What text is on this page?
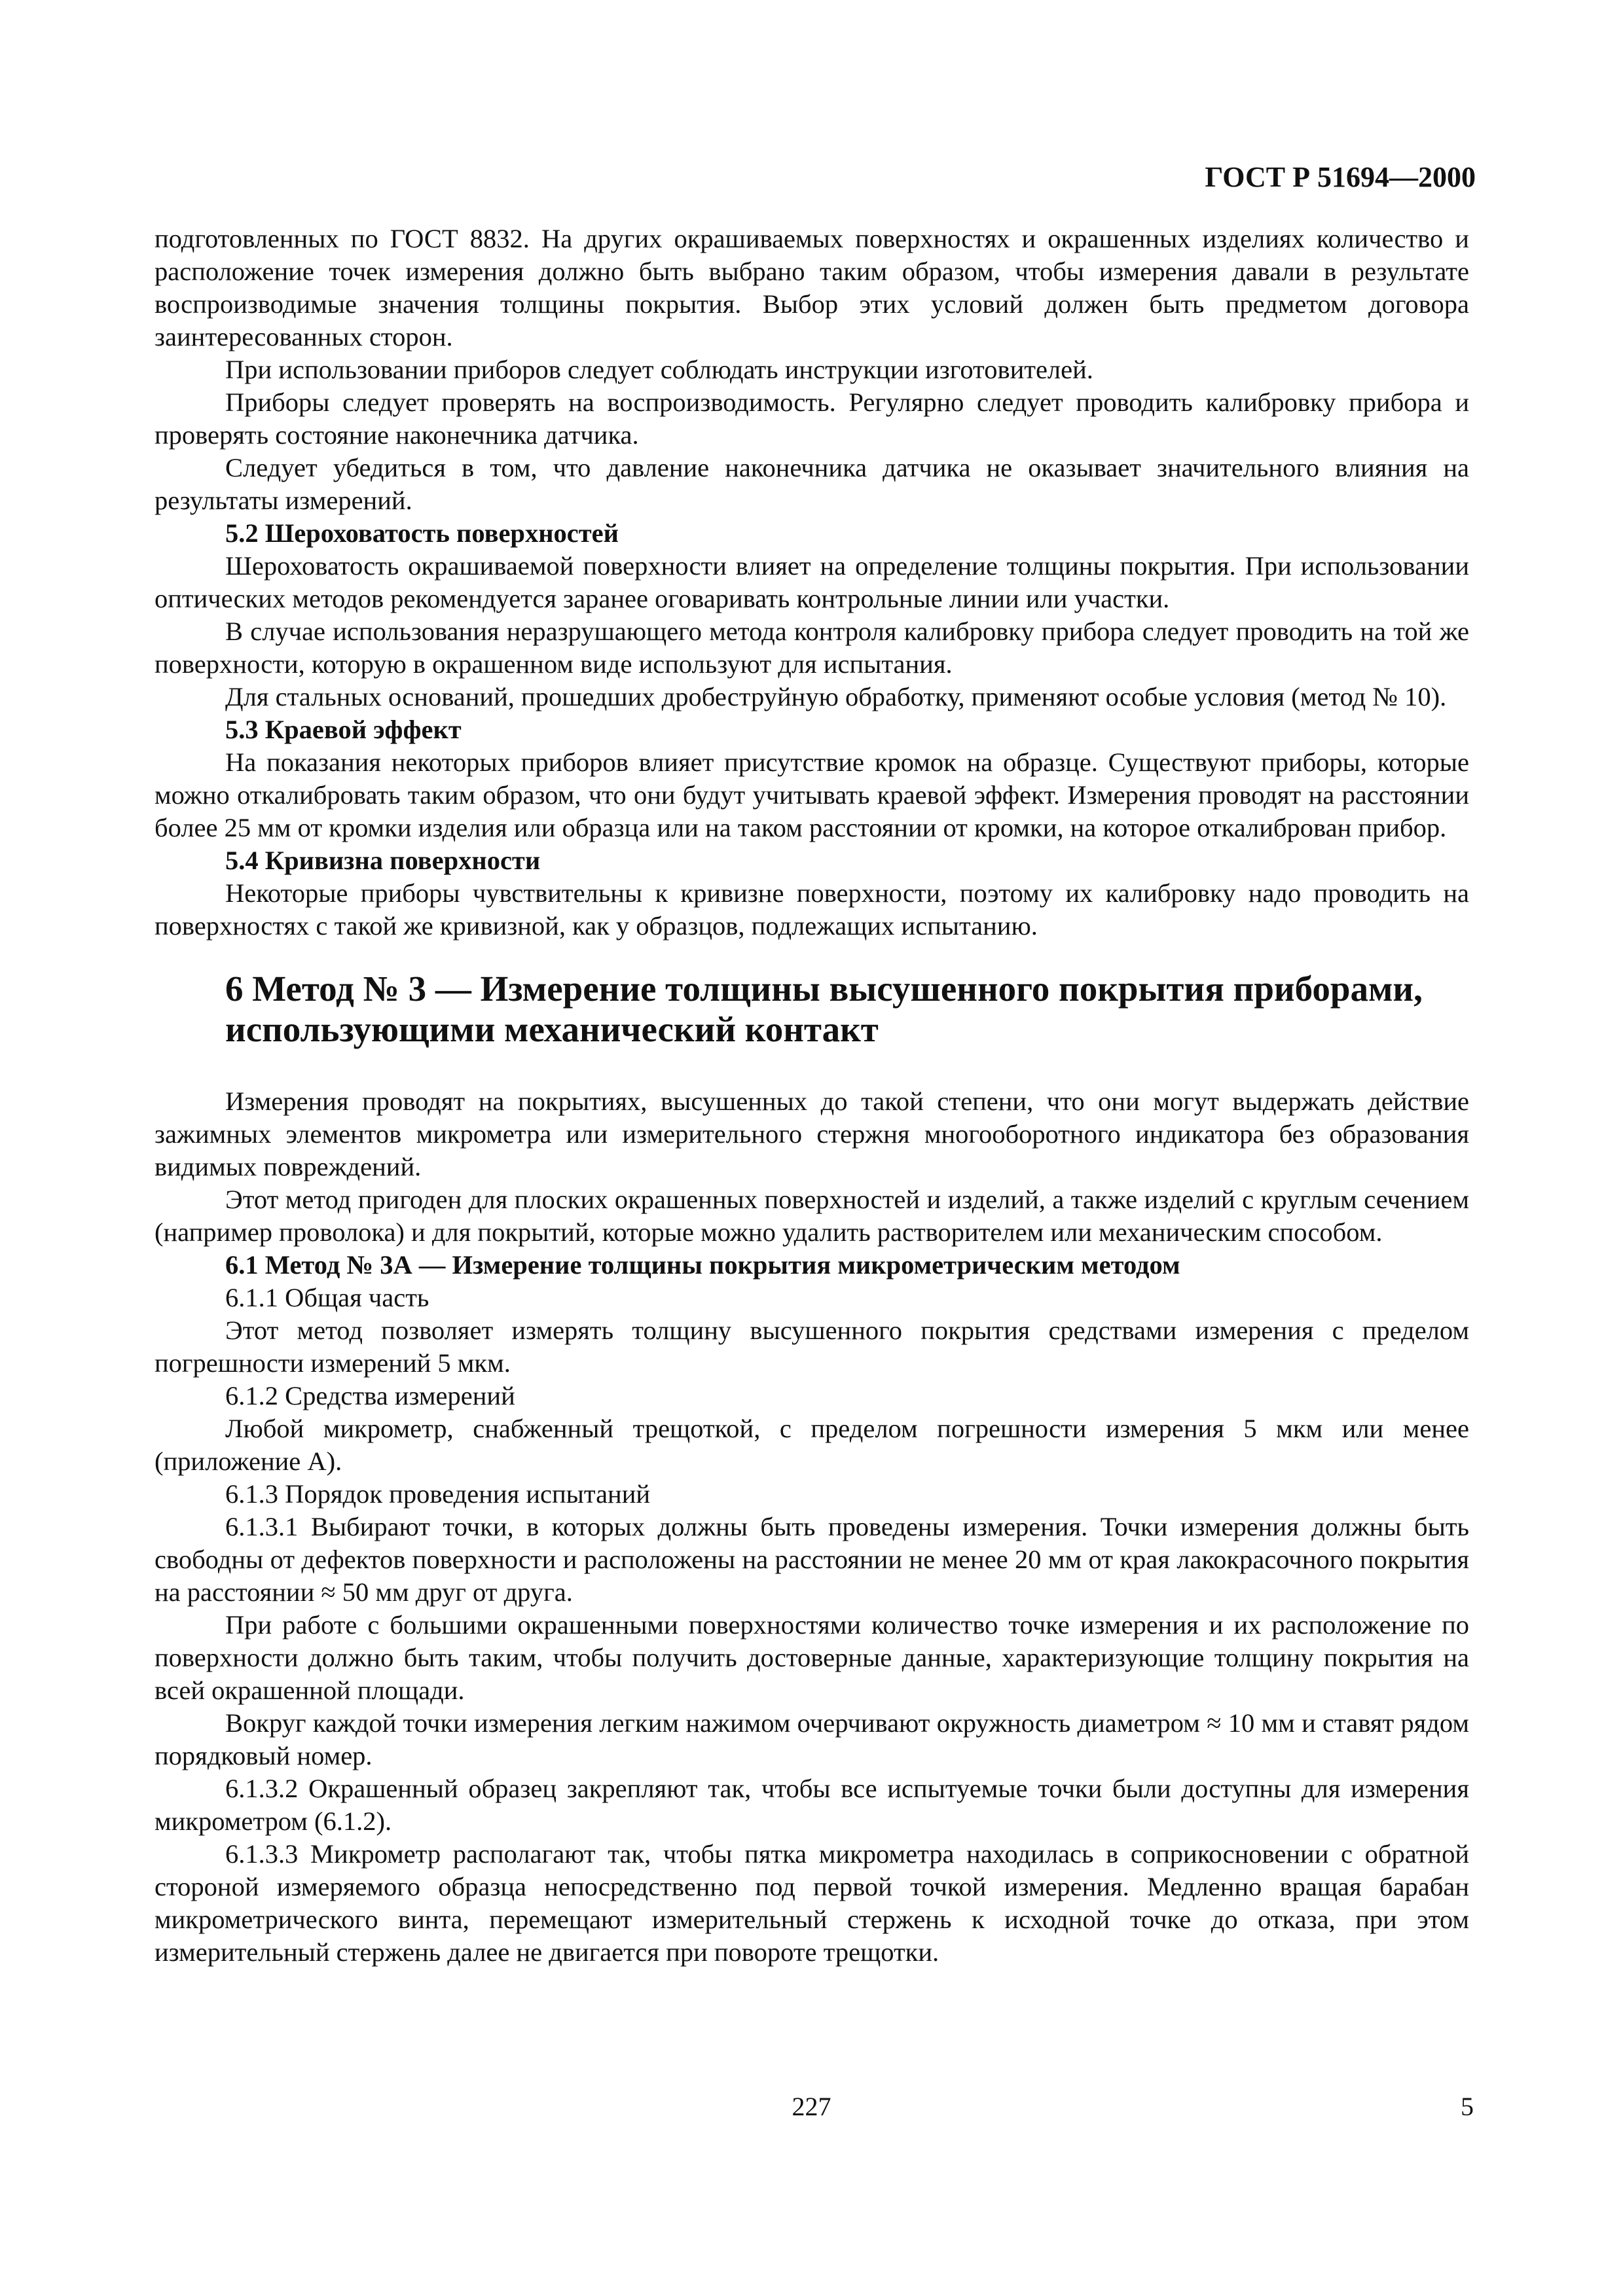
ГОСТ Р 51694—2000

подготовленных по ГОСТ 8832. На других окрашиваемых поверхностях и окрашенных изделиях количество и расположение точек измерения должно быть выбрано таким образом, чтобы измерения давали в результате воспроизводимые значения толщины покрытия. Выбор этих условий должен быть предметом договора заинтересованных сторон.

При использовании приборов следует соблюдать инструкции изготовителей.

Приборы следует проверять на воспроизводимость. Регулярно следует проводить калибровку прибора и проверять состояние наконечника датчика.

Следует убедиться в том, что давление наконечника датчика не оказывает значительного влияния на результаты измерений.

5.2 Шероховатость поверхностей

Шероховатость окрашиваемой поверхности влияет на определение толщины покрытия. При использовании оптических методов рекомендуется заранее оговаривать контрольные линии или участки.

В случае использования неразрушающего метода контроля калибровку прибора следует проводить на той же поверхности, которую в окрашенном виде используют для испытания.

Для стальных оснований, прошедших дробеструйную обработку, применяют особые условия (метод № 10).

5.3 Краевой эффект

На показания некоторых приборов влияет присутствие кромок на образце. Существуют приборы, которые можно откалибровать таким образом, что они будут учитывать краевой эффект. Измерения проводят на расстоянии более 25 мм от кромки изделия или образца или на таком расстоянии от кромки, на которое откалиброван прибор.

5.4 Кривизна поверхности

Некоторые приборы чувствительны к кривизне поверхности, поэтому их калибровку надо проводить на поверхностях с такой же кривизной, как у образцов, подлежащих испытанию.

6 Метод № 3 — Измерение толщины высушенного покрытия приборами, использующими механический контакт

Измерения проводят на покрытиях, высушенных до такой степени, что они могут выдержать действие зажимных элементов микрометра или измерительного стержня многооборотного индикатора без образования видимых повреждений.

Этот метод пригоден для плоских окрашенных поверхностей и изделий, а также изделий с круглым сечением (например проволока) и для покрытий, которые можно удалить растворителем или механическим способом.

6.1 Метод № 3А — Измерение толщины покрытия микрометрическим методом

6.1.1 Общая часть

Этот метод позволяет измерять толщину высушенного покрытия средствами измерения с пределом погрешности измерений 5 мкм.

6.1.2 Средства измерений

Любой микрометр, снабженный трещоткой, с пределом погрешности измерения 5 мкм или менее (приложение А).

6.1.3 Порядок проведения испытаний

6.1.3.1 Выбирают точки, в которых должны быть проведены измерения. Точки измерения должны быть свободны от дефектов поверхности и расположены на расстоянии не менее 20 мм от края лакокрасочного покрытия на расстоянии ≈ 50 мм друг от друга.

При работе с большими окрашенными поверхностями количество точке измерения и их расположение по поверхности должно быть таким, чтобы получить достоверные данные, характеризующие толщину покрытия на всей окрашенной площади.

Вокруг каждой точки измерения легким нажимом очерчивают окружность диаметром ≈ 10 мм и ставят рядом порядковый номер.

6.1.3.2 Окрашенный образец закрепляют так, чтобы все испытуемые точки были доступны для измерения микрометром (6.1.2).

6.1.3.3 Микрометр располагают так, чтобы пятка микрометра находилась в соприкосновении с обратной стороной измеряемого образца непосредственно под первой точкой измерения. Медленно вращая барабан микрометрического винта, перемещают измерительный стержень к исходной точке до отказа, при этом измерительный стержень далее не двигается при повороте трещотки.

227	5
